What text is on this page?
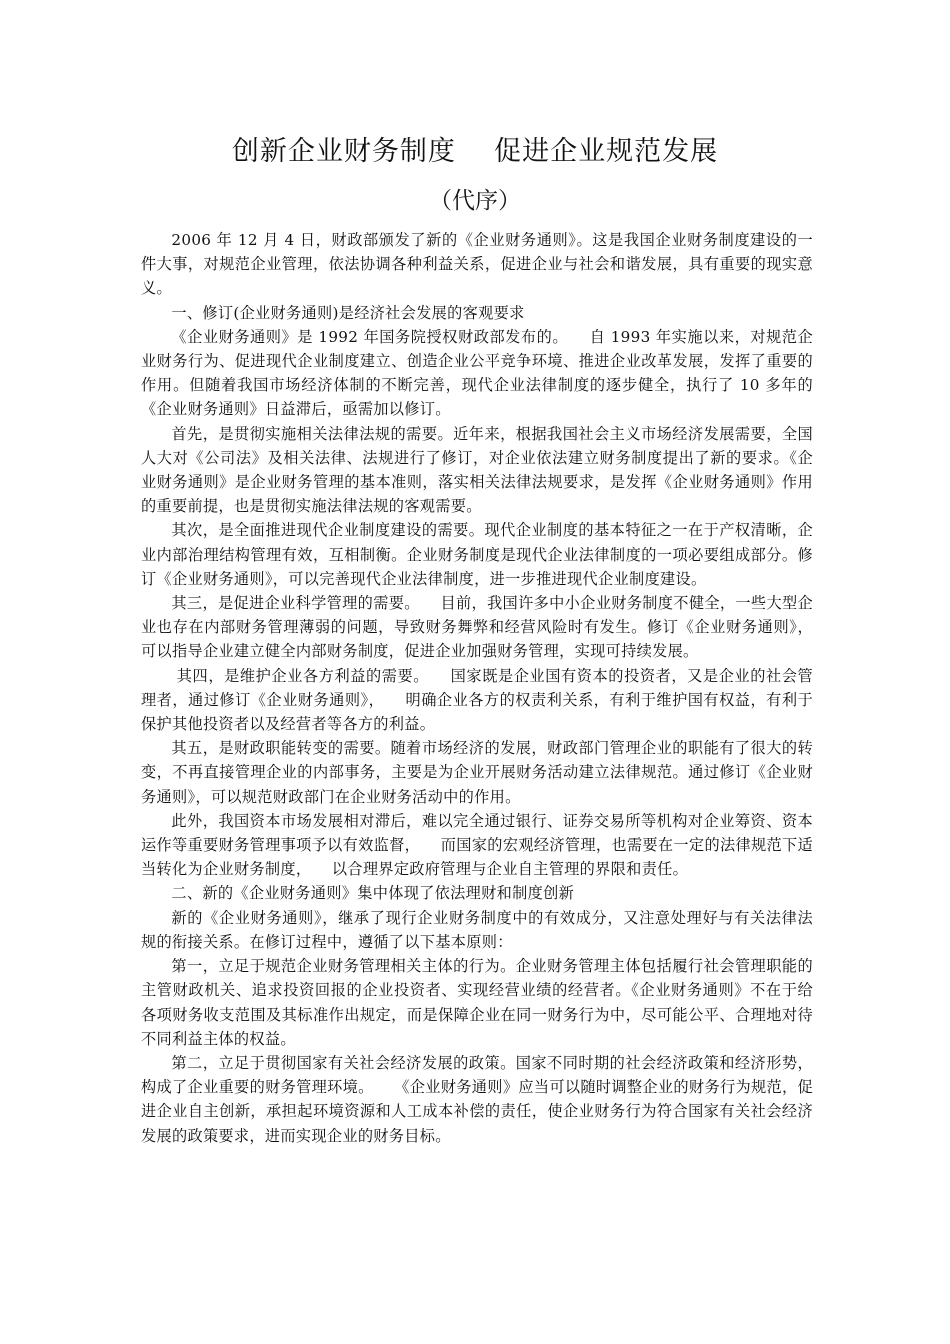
创新企业财务制度    促进企业规范发展
（代序）

2006 年 12 月 4 日，财政部颁发了新的《企业财务通则》。这是我国企业财务制度建设的一件大事，对规范企业管理，依法协调各种利益关系，促进企业与社会和谐发展，具有重要的现实意义。

一、修订(企业财务通则)是经济社会发展的客观要求

《企业财务通则》是 1992 年国务院授权财政部发布的。    自 1993 年实施以来，对规范企业财务行为、促进现代企业制度建立、创造企业公平竞争环境、推进企业改革发展，发挥了重要的作用。但随着我国市场经济体制的不断完善，现代企业法律制度的逐步健全，执行了 10 多年的《企业财务通则》日益滞后，亟需加以修订。

首先，是贯彻实施相关法律法规的需要。近年来，根据我国社会主义市场经济发展需要，全国人大对《公司法》及相关法律、法规进行了修订，对企业依法建立财务制度提出了新的要求。《企业财务通则》是企业财务管理的基本准则，落实相关法律法规要求，是发挥《企业财务通则》作用的重要前提，也是贯彻实施法律法规的客观需要。

其次，是全面推进现代企业制度建设的需要。现代企业制度的基本特征之一在于产权清晰，企业内部治理结构管理有效，互相制衡。企业财务制度是现代企业法律制度的一项必要组成部分。修订《企业财务通则》，可以完善现代企业法律制度，进一步推进现代企业制度建设。

其三，是促进企业科学管理的需要。    目前，我国许多中小企业财务制度不健全，一些大型企业也存在内部财务管理薄弱的问题，导致财务舞弊和经营风险时有发生。修订《企业财务通则》，可以指导企业建立健全内部财务制度，促进企业加强财务管理，实现可持续发展。

其四，是维护企业各方利益的需要。    国家既是企业国有资本的投资者，又是企业的社会管理者，通过修订《企业财务通则》，    明确企业各方的权责利关系，有利于维护国有权益，有利于保护其他投资者以及经营者等各方的利益。

其五，是财政职能转变的需要。随着市场经济的发展，财政部门管理企业的职能有了很大的转变，不再直接管理企业的内部事务，主要是为企业开展财务活动建立法律规范。通过修订《企业财务通则》，可以规范财政部门在企业财务活动中的作用。

此外，我国资本市场发展相对滞后，难以完全通过银行、证券交易所等机构对企业筹资、资本运作等重要财务管理事项予以有效监督，    而国家的宏观经济管理，也需要在一定的法律规范下适当转化为企业财务制度，    以合理界定政府管理与企业自主管理的界限和责任。

二、新的《企业财务通则》集中体现了依法理财和制度创新

新的《企业财务通则》，继承了现行企业财务制度中的有效成分，又注意处理好与有关法律法规的衔接关系。在修订过程中，遵循了以下基本原则：

第一，立足于规范企业财务管理相关主体的行为。企业财务管理主体包括履行社会管理职能的主管财政机关、追求投资回报的企业投资者、实现经营业绩的经营者。《企业财务通则》不在于给各项财务收支范围及其标准作出规定，而是保障企业在同一财务行为中，尽可能公平、合理地对待不同利益主体的权益。

第二，立足于贯彻国家有关社会经济发展的政策。国家不同时期的社会经济政策和经济形势，构成了企业重要的财务管理环境。    《企业财务通则》应当可以随时调整企业的财务行为规范，促进企业自主创新，承担起环境资源和人工成本补偿的责任，使企业财务行为符合国家有关社会经济发展的政策要求，进而实现企业的财务目标。
